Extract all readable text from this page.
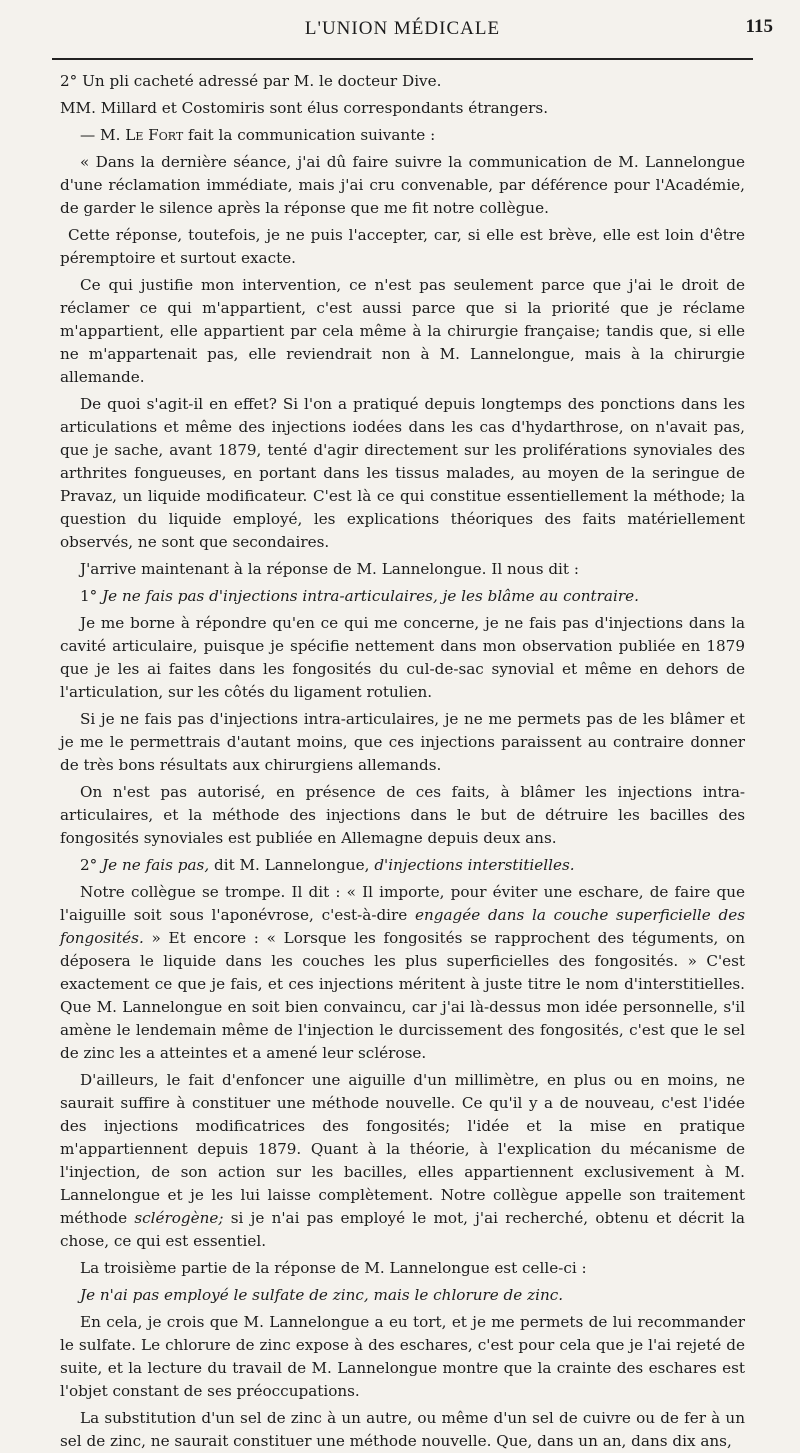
L'UNION MÉDICALE	115

2° Un pli cacheté adressé par M. le docteur Dive.

MM. Millard et Costomiris sont élus correspondants étrangers.

— M. Le Fort fait la communication suivante :

« Dans la dernière séance, j'ai dû faire suivre la communication de M. Lannelongue d'une réclamation immédiate, mais j'ai cru convenable, par déférence pour l'Académie, de garder le silence après la réponse que me fit notre collègue.

Cette réponse, toutefois, je ne puis l'accepter, car, si elle est brève, elle est loin d'être péremptoire et surtout exacte.

Ce qui justifie mon intervention, ce n'est pas seulement parce que j'ai le droit de réclamer ce qui m'appartient, c'est aussi parce que si la priorité que je réclame m'appartient, elle appartient par cela même à la chirurgie française; tandis que, si elle ne m'appartenait pas, elle reviendrait non à M. Lannelongue, mais à la chirurgie allemande.

De quoi s'agit-il en effet? Si l'on a pratiqué depuis longtemps des ponctions dans les articulations et même des injections iodées dans les cas d'hydarthrose, on n'avait pas, que je sache, avant 1879, tenté d'agir directement sur les proliférations synoviales des arthrites fongueuses, en portant dans les tissus malades, au moyen de la seringue de Pravaz, un liquide modificateur. C'est là ce qui constitue essentiellement la méthode; la question du liquide employé, les explications théoriques des faits matériellement observés, ne sont que secondaires.

J'arrive maintenant à la réponse de M. Lannelongue. Il nous dit :

1° Je ne fais pas d'injections intra-articulaires, je les blâme au contraire.

Je me borne à répondre qu'en ce qui me concerne, je ne fais pas d'injections dans la cavité articulaire, puisque je spécifie nettement dans mon observation publiée en 1879 que je les ai faites dans les fongosités du cul-de-sac synovial et même en dehors de l'articulation, sur les côtés du ligament rotulien.

Si je ne fais pas d'injections intra-articulaires, je ne me permets pas de les blâmer et je me le permettrais d'autant moins, que ces injections paraissent au contraire donner de très bons résultats aux chirurgiens allemands.

On n'est pas autorisé, en présence de ces faits, à blâmer les injections intra-articulaires, et la méthode des injections dans le but de détruire les bacilles des fongosités synoviales est publiée en Allemagne depuis deux ans.

2° Je ne fais pas, dit M. Lannelongue, d'injections interstitielles.

Notre collègue se trompe. Il dit : « Il importe, pour éviter une eschare, de faire que l'aiguille soit sous l'aponévrose, c'est-à-dire engagée dans la couche superficielle des fongosités. » Et encore : « Lorsque les fongosités se rapprochent des téguments, on déposera le liquide dans les couches les plus superficielles des fongosités. » C'est exactement ce que je fais, et ces injections méritent à juste titre le nom d'interstitielles. Que M. Lannelongue en soit bien convaincu, car j'ai là-dessus mon idée personnelle, s'il amène le lendemain même de l'injection le durcissement des fongosités, c'est que le sel de zinc les a atteintes et a amené leur sclérose.

D'ailleurs, le fait d'enfoncer une aiguille d'un millimètre, en plus ou en moins, ne saurait suffire à constituer une méthode nouvelle. Ce qu'il y a de nouveau, c'est l'idée des injections modificatrices des fongosités; l'idée et la mise en pratique m'appartiennent depuis 1879. Quant à la théorie, à l'explication du mécanisme de l'injection, de son action sur les bacilles, elles appartiennent exclusivement à M. Lannelongue et je les lui laisse complètement. Notre collègue appelle son traitement méthode sclérogène; si je n'ai pas employé le mot, j'ai recherché, obtenu et décrit la chose, ce qui est essentiel.

La troisième partie de la réponse de M. Lannelongue est celle-ci :

Je n'ai pas employé le sulfate de zinc, mais le chlorure de zinc.

En cela, je crois que M. Lannelongue a eu tort, et je me permets de lui recommander le sulfate. Le chlorure de zinc expose à des eschares, c'est pour cela que je l'ai rejeté de suite, et la lecture du travail de M. Lannelongue montre que la crainte des eschares est l'objet constant de ses préoccupations.

La substitution d'un sel de zinc à un autre, ou même d'un sel de cuivre ou de fer à un sel de zinc, ne saurait constituer une méthode nouvelle. Que, dans un an, dans dix ans,
